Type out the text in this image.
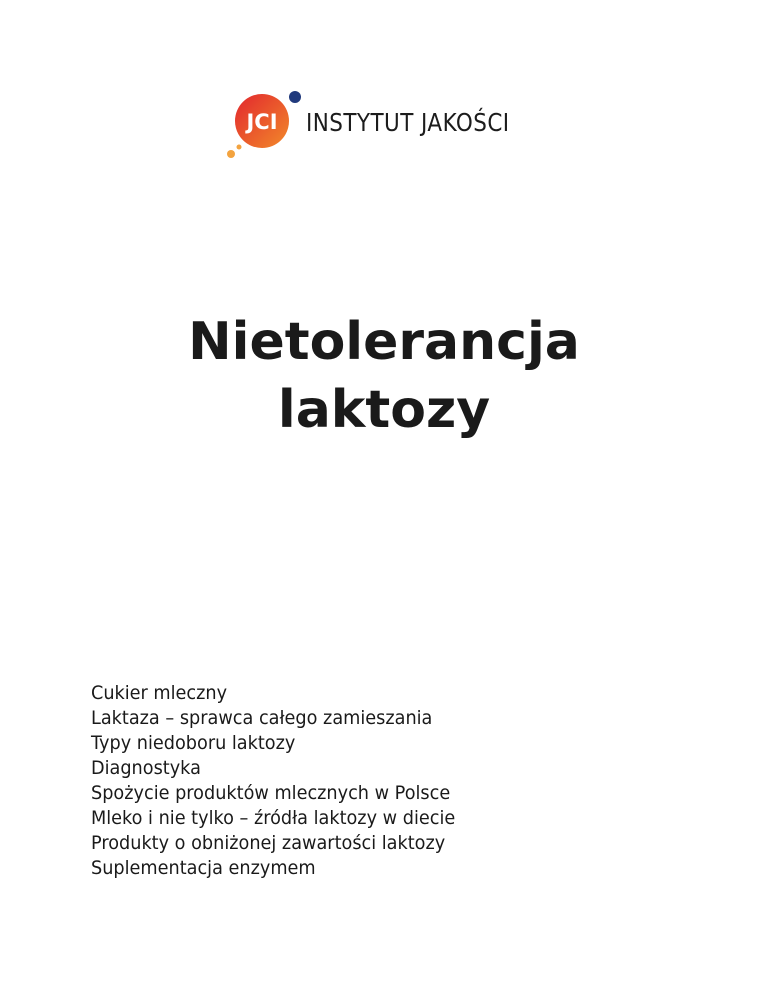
JCI INSTYTUT JAKOŚCI
Nietolerancja
laktozy
Cukier mleczny
Laktaza – sprawca całego zamieszania
Typy niedoboru laktozy
Diagnostyka
Spożycie produktów mlecznych w Polsce
Mleko i nie tylko – źródła laktozy w diecie
Produkty o obniżonej zawartości laktozy
Suplementacja enzymem
